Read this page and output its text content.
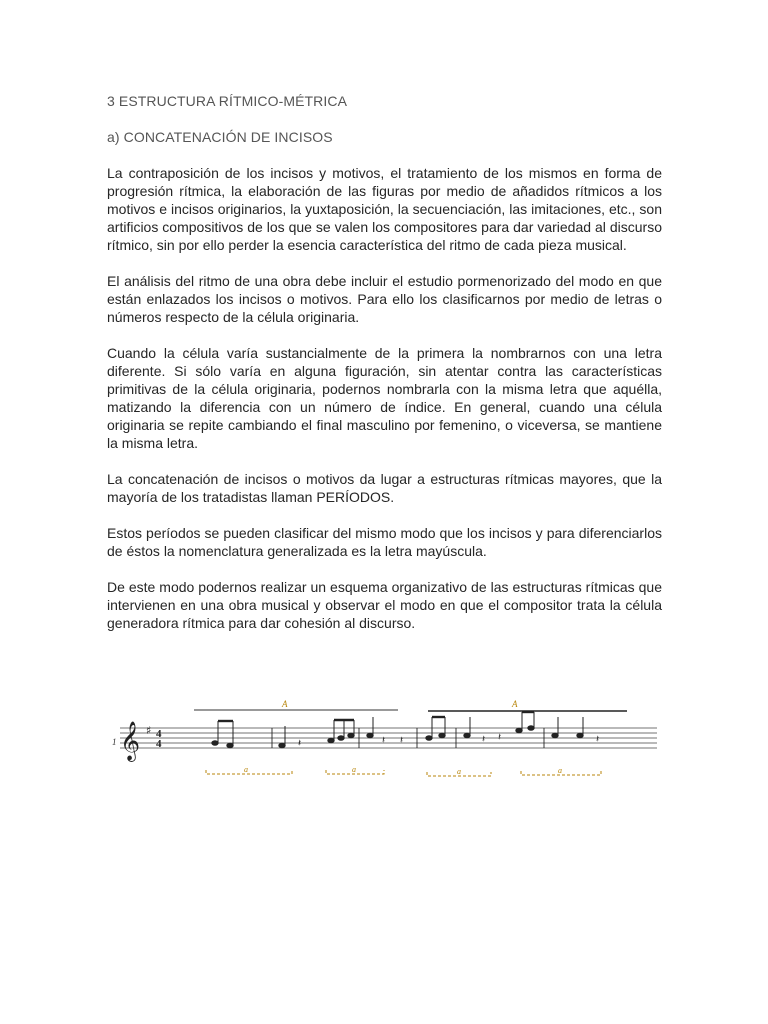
3 ESTRUCTURA RÍTMICO-MÉTRICA
a) CONCATENACIÓN DE INCISOS

La contraposición de los incisos y motivos, el tratamiento de los mismos en forma de progresión rítmica, la elaboración de las figuras por medio de añadidos rítmicos a los motivos e incisos originarios, la yuxtaposición, la secuenciación, las imitaciones, etc., son artificios compositivos de los que se valen los compositores para dar variedad al discurso rítmico, sin por ello perder la esencia característica del ritmo de cada pieza musical.

El análisis del ritmo de una obra debe incluir el estudio pormenorizado del modo en que están enlazados los incisos o motivos. Para ello los clasificarnos por medio de letras o números respecto de la célula originaria.

Cuando la célula varía sustancialmente de la primera la nombrarnos con una letra diferente. Si sólo varía en alguna figuración, sin atentar contra las características primitivas de la célula originaria, podernos nombrarla con la misma letra que aquélla, matizando la diferencia con un número de índice. En general, cuando una célula originaria se repite cambiando el final masculino por femenino, o viceversa, se mantiene la misma letra.

La concatenación de incisos o motivos da lugar a estructuras rítmicas mayores, que la mayoría de los tratadistas llaman PERÍODOS.

Estos períodos se pueden clasificar del mismo modo que los incisos y para diferenciarlos de éstos la nomenclatura generalizada es la letra mayúscula.

De este modo podernos realizar un esquema organizativo de las estructuras rítmicas que intervienen en una obra musical y observar el modo en que el compositor trata la célula generadora rítmica para dar cohesión al discurso.

1 𝄞 ♯ 4
4
A	A
𝄽	𝄽 𝄽	𝄽 𝄽	𝄽
a	a	a	a
